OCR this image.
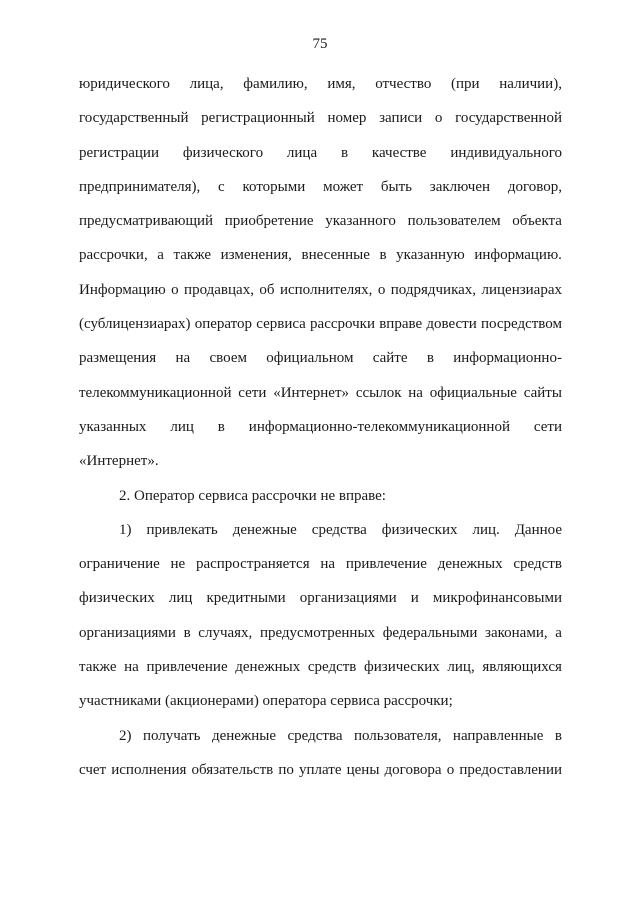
75
юридического лица, фамилию, имя, отчество (при наличии),
государственный регистрационный номер записи о государственной
регистрации физического лица в качестве индивидуального
предпринимателя), с которыми может быть заключен договор,
предусматривающий приобретение указанного пользователем объекта
рассрочки, а также изменения, внесенные в указанную информацию.
Информацию о продавцах, об исполнителях, о подрядчиках, лицензиарах
(сублицензиарах) оператор сервиса рассрочки вправе довести посредством
размещения на своем официальном сайте в информационно-
телекоммуникационной сети «Интернет» ссылок на официальные сайты
указанных лиц в информационно-телекоммуникационной сети
«Интернет».
2. Оператор сервиса рассрочки не вправе:
1) привлекать денежные средства физических лиц. Данное
ограничение не распространяется на привлечение денежных средств
физических лиц кредитными организациями и микрофинансовыми
организациями в случаях, предусмотренных федеральными законами, а
также на привлечение денежных средств физических лиц, являющихся
участниками (акционерами) оператора сервиса рассрочки;
2) получать денежные средства пользователя, направленные в
счет исполнения обязательств по уплате цены договора о предоставлении
